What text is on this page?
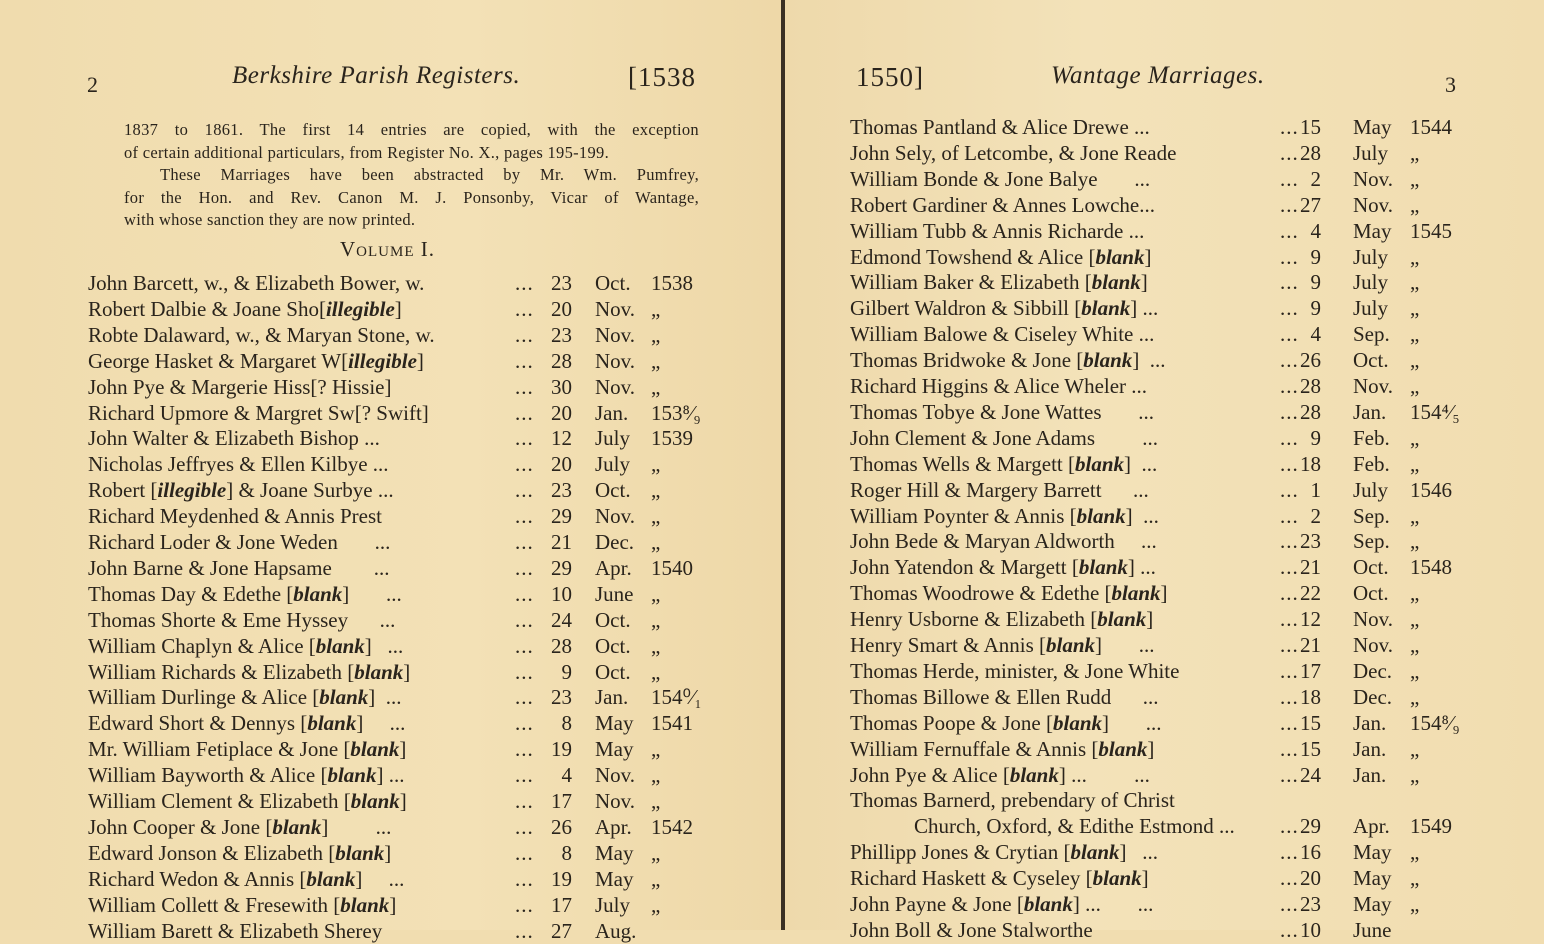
2	Berkshire Parish Registers.	[1538

1837 to 1861. The first 14 entries are copied, with the exception

of certain additional particulars, from Register No. X., pages 195-199.

These Marriages have been abstracted by Mr. Wm. Pumfrey,

for the Hon. and Rev. Canon M. J. Ponsonby, Vicar of Wantage,

with whose sanction they are now printed.

Volume I.
John Barcett, w., & Elizabeth Bower, w.	... 23 Oct. 1538
Robert Dalbie & Joane Sho[illegible]	... 20 Nov. „
Robte Dalaward, w., & Maryan Stone, w.	... 23 Nov. „
George Hasket & Margaret W[illegible]	... 28 Nov. „
John Pye & Margerie Hiss[? Hissie]	... 30 Nov. „
Richard Upmore & Margret Sw[? Swift]	... 20 Jan. 153⁸⁄₉
John Walter & Elizabeth Bishop ...	... 12 July 1539
Nicholas Jeffryes & Ellen Kilbye ...	... 20 July „
Robert [illegible] & Joane Surbye ...	... 23 Oct. „
Richard Meydenhed & Annis Prest	... 29 Nov. „
Richard Loder & Jone Weden       ...	... 21 Dec. „
John Barne & Jone Hapsame        ...	... 29 Apr. 1540
Thomas Day & Edethe [blank]       ...	... 10 June „
Thomas Shorte & Eme Hyssey      ...	... 24 Oct. „
William Chaplyn & Alice [blank]   ...	... 28 Oct. „
William Richards & Elizabeth [blank]	...	9 Oct. „
William Durlinge & Alice [blank]  ...	... 23 Jan. 154⁰⁄₁
Edward Short & Dennys [blank]     ...	...	8 May 1541
Mr. William Fetiplace & Jone [blank]	... 19 May „
William Bayworth & Alice [blank] ...	...	4 Nov. „
William Clement & Elizabeth [blank]	... 17 Nov. „
John Cooper & Jone [blank]         ...	... 26 Apr. 1542
Edward Jonson & Elizabeth [blank]	...	8 May „
Richard Wedon & Annis [blank]     ...	... 19 May „
William Collett & Fresewith [blank]	... 17 July „
William Barett & Elizabeth Sherey	... 27 Aug.
1550]	Wantage Marriages.	3
Thomas Pantland & Alice Drewe ...	... 15 May 1544
John Sely, of Letcombe, & Jone Reade	... 28 July „
William Bonde & Jone Balye       ...	... 2 Nov. „
Robert Gardiner & Annes Lowche...	... 27 Nov. „
William Tubb & Annis Richarde ...	... 4 May 1545
Edmond Towshend & Alice [blank]	... 9 July „
William Baker & Elizabeth [blank]	... 9 July „
Gilbert Waldron & Sibbill [blank] ...	... 9 July „
William Balowe & Ciseley White ...	... 4 Sep. „
Thomas Bridwoke & Jone [blank]  ...	... 26 Oct. „
Richard Higgins & Alice Wheler ...	... 28 Nov. „
Thomas Tobye & Jone Wattes       ...	... 28 Jan. 154⁴⁄₅
John Clement & Jone Adams         ...	... 9 Feb. „
Thomas Wells & Margett [blank]  ...	... 18 Feb. „
Roger Hill & Margery Barrett      ...	... 1 July 1546
William Poynter & Annis [blank]  ...	... 2 Sep. „
John Bede & Maryan Aldworth     ...	... 23 Sep. „
John Yatendon & Margett [blank] ...	... 21 Oct. 1548
Thomas Woodrowe & Edethe [blank]	... 22 Oct. „
Henry Usborne & Elizabeth [blank]	... 12 Nov. „
Henry Smart & Annis [blank]       ...	... 21 Nov. „
Thomas Herde, minister, & Jone White	... 17 Dec. „
Thomas Billowe & Ellen Rudd      ...	... 18 Dec. „
Thomas Poope & Jone [blank]       ...	... 15 Jan. 154⁸⁄₉
William Fernuffale & Annis [blank]	... 15 Jan. „
John Pye & Alice [blank] ...         ...	... 24 Jan. „
Thomas Barnerd, prebendary of Christ
Church, Oxford, & Edithe Estmond ... ... 29 Apr. 1549
Phillipp Jones & Crytian [blank]   ...	... 16 May „
Richard Haskett & Cyseley [blank]	... 20 May „
John Payne & Jone [blank] ...       ...	... 23 May „
John Boll & Jone Stalworthe	... 10 June
